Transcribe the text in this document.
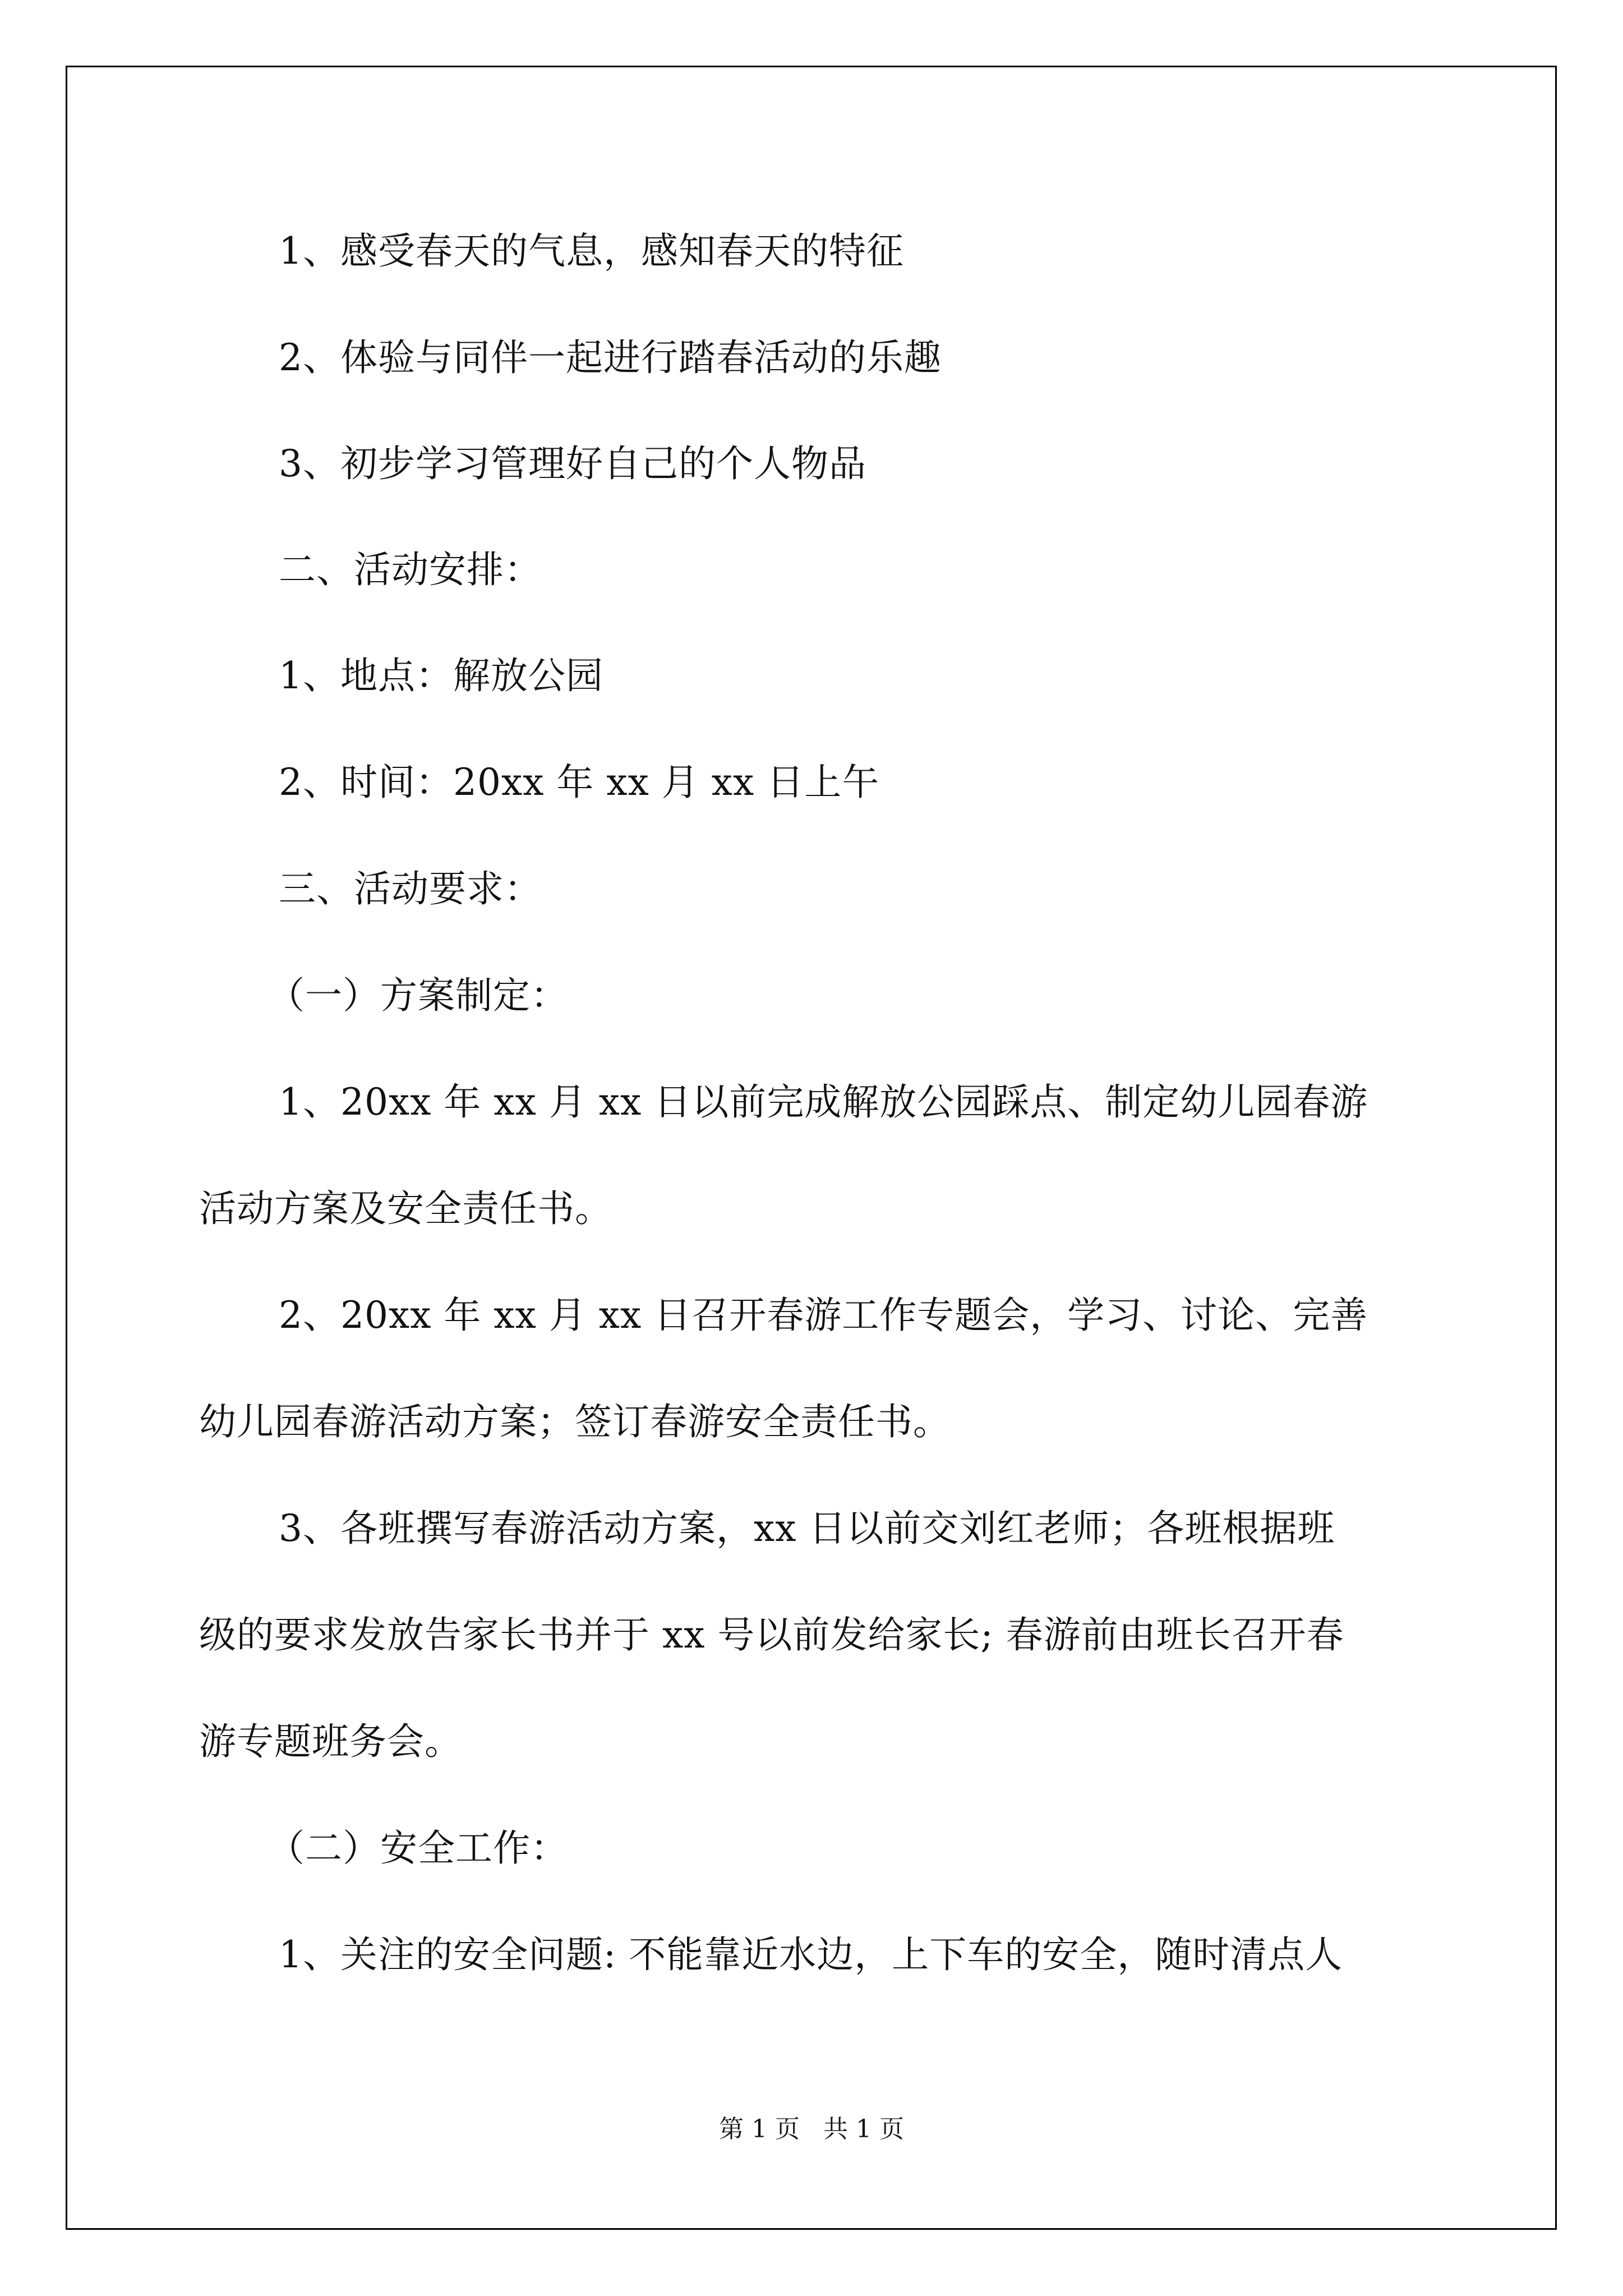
1、感受春天的气息，感知春天的特征
2、体验与同伴一起进行踏春活动的乐趣
3、初步学习管理好自己的个人物品
二、活动安排：
1、地点：解放公园
2、时间：20xx 年 xx 月 xx 日上午
三、活动要求：
（一）方案制定：
1、20xx 年 xx 月 xx 日以前完成解放公园踩点、制定幼儿园春游
活动方案及安全责任书。
2、20xx 年 xx 月 xx 日召开春游工作专题会，学习、讨论、完善
幼儿园春游活动方案；签订春游安全责任书。
3、各班撰写春游活动方案，xx 日以前交刘红老师；各班根据班
级的要求发放告家长书并于 xx 号以前发给家长; 春游前由班长召开春
游专题班务会。
（二）安全工作：
1、关注的安全问题: 不能靠近水边，上下车的安全，随时清点人
第 1 页   共 1 页
